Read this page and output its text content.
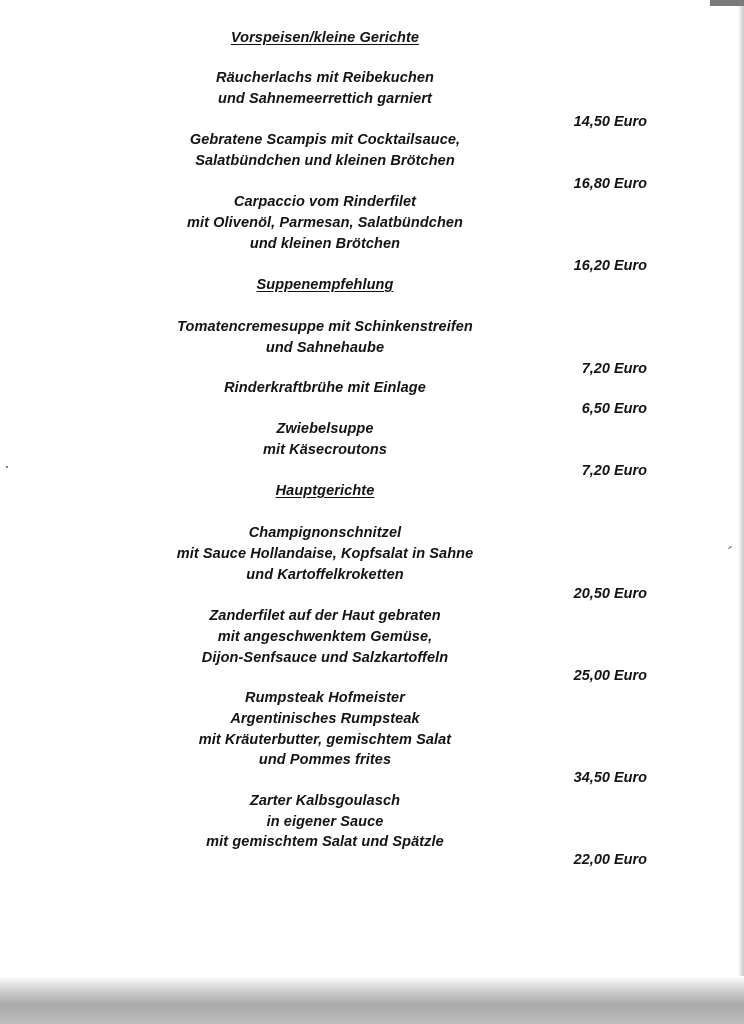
Vorspeisen/kleine Gerichte
Räucherlachs mit Reibekuchen
und Sahnemeerrettich garniert
14,50 Euro
Gebratene Scampis mit Cocktailsauce,
Salatbündchen und kleinen Brötchen
16,80 Euro
Carpaccio vom Rinderfilet
mit Olivenöl, Parmesan, Salatbündchen
und kleinen Brötchen
16,20 Euro
Suppenempfehlung
Tomatencremesuppe mit Schinkenstreifen
und Sahnehaube
7,20 Euro
Rinderkraftbrühe mit Einlage
6,50 Euro
Zwiebelsuppe
mit Käsecroutons
7,20 Euro
Hauptgerichte
Champignonschnitzel
mit Sauce Hollandaise, Kopfsalat in Sahne
und Kartoffelkroketten
20,50 Euro
Zanderfilet auf der Haut gebraten
mit angeschwenktem Gemüse,
Dijon-Senfsauce und Salzkartoffeln
25,00 Euro
Rumpsteak Hofmeister
Argentinisches Rumpsteak
mit Kräuterbutter, gemischtem Salat
und Pommes frites
34,50 Euro
Zarter Kalbsgoulasch
in eigener Sauce
mit gemischtem Salat und Spätzle
22,00 Euro
